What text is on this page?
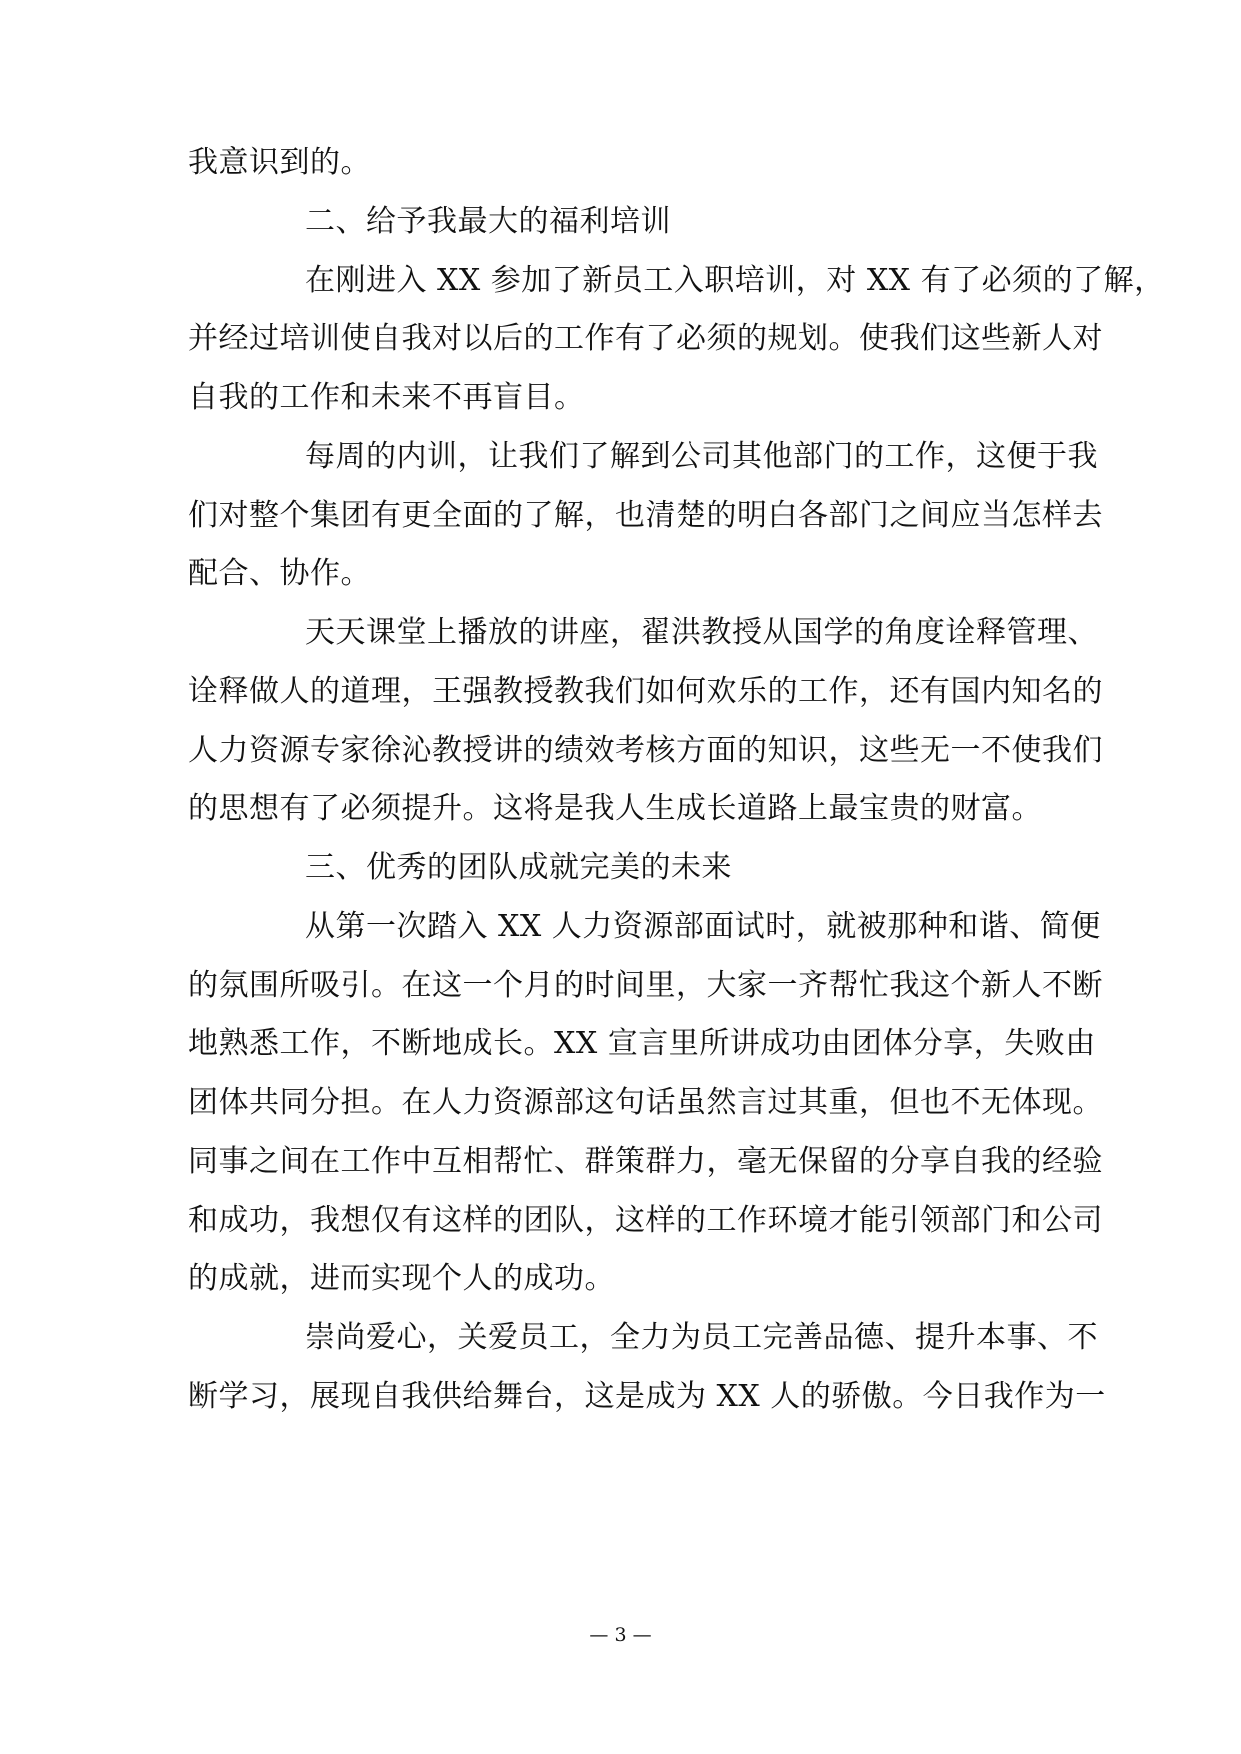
我意识到的。
二、给予我最大的福利培训
在刚进入 XX 参加了新员工入职培训，对 XX 有了必须的了解，
并经过培训使自我对以后的工作有了必须的规划。使我们这些新人对
自我的工作和未来不再盲目。
每周的内训，让我们了解到公司其他部门的工作，这便于我
们对整个集团有更全面的了解，也清楚的明白各部门之间应当怎样去
配合、协作。
天天课堂上播放的讲座，翟洪教授从国学的角度诠释管理、
诠释做人的道理，王强教授教我们如何欢乐的工作，还有国内知名的
人力资源专家徐沁教授讲的绩效考核方面的知识，这些无一不使我们
的思想有了必须提升。这将是我人生成长道路上最宝贵的财富。
三、优秀的团队成就完美的未来
从第一次踏入 XX 人力资源部面试时，就被那种和谐、简便
的氛围所吸引。在这一个月的时间里，大家一齐帮忙我这个新人不断
地熟悉工作，不断地成长。XX 宣言里所讲成功由团体分享，失败由
团体共同分担。在人力资源部这句话虽然言过其重，但也不无体现。
同事之间在工作中互相帮忙、群策群力，毫无保留的分享自我的经验
和成功，我想仅有这样的团队，这样的工作环境才能引领部门和公司
的成就，进而实现个人的成功。
崇尚爱心，关爱员工，全力为员工完善品德、提升本事、不
断学习，展现自我供给舞台，这是成为 XX 人的骄傲。今日我作为一
— 3 —
